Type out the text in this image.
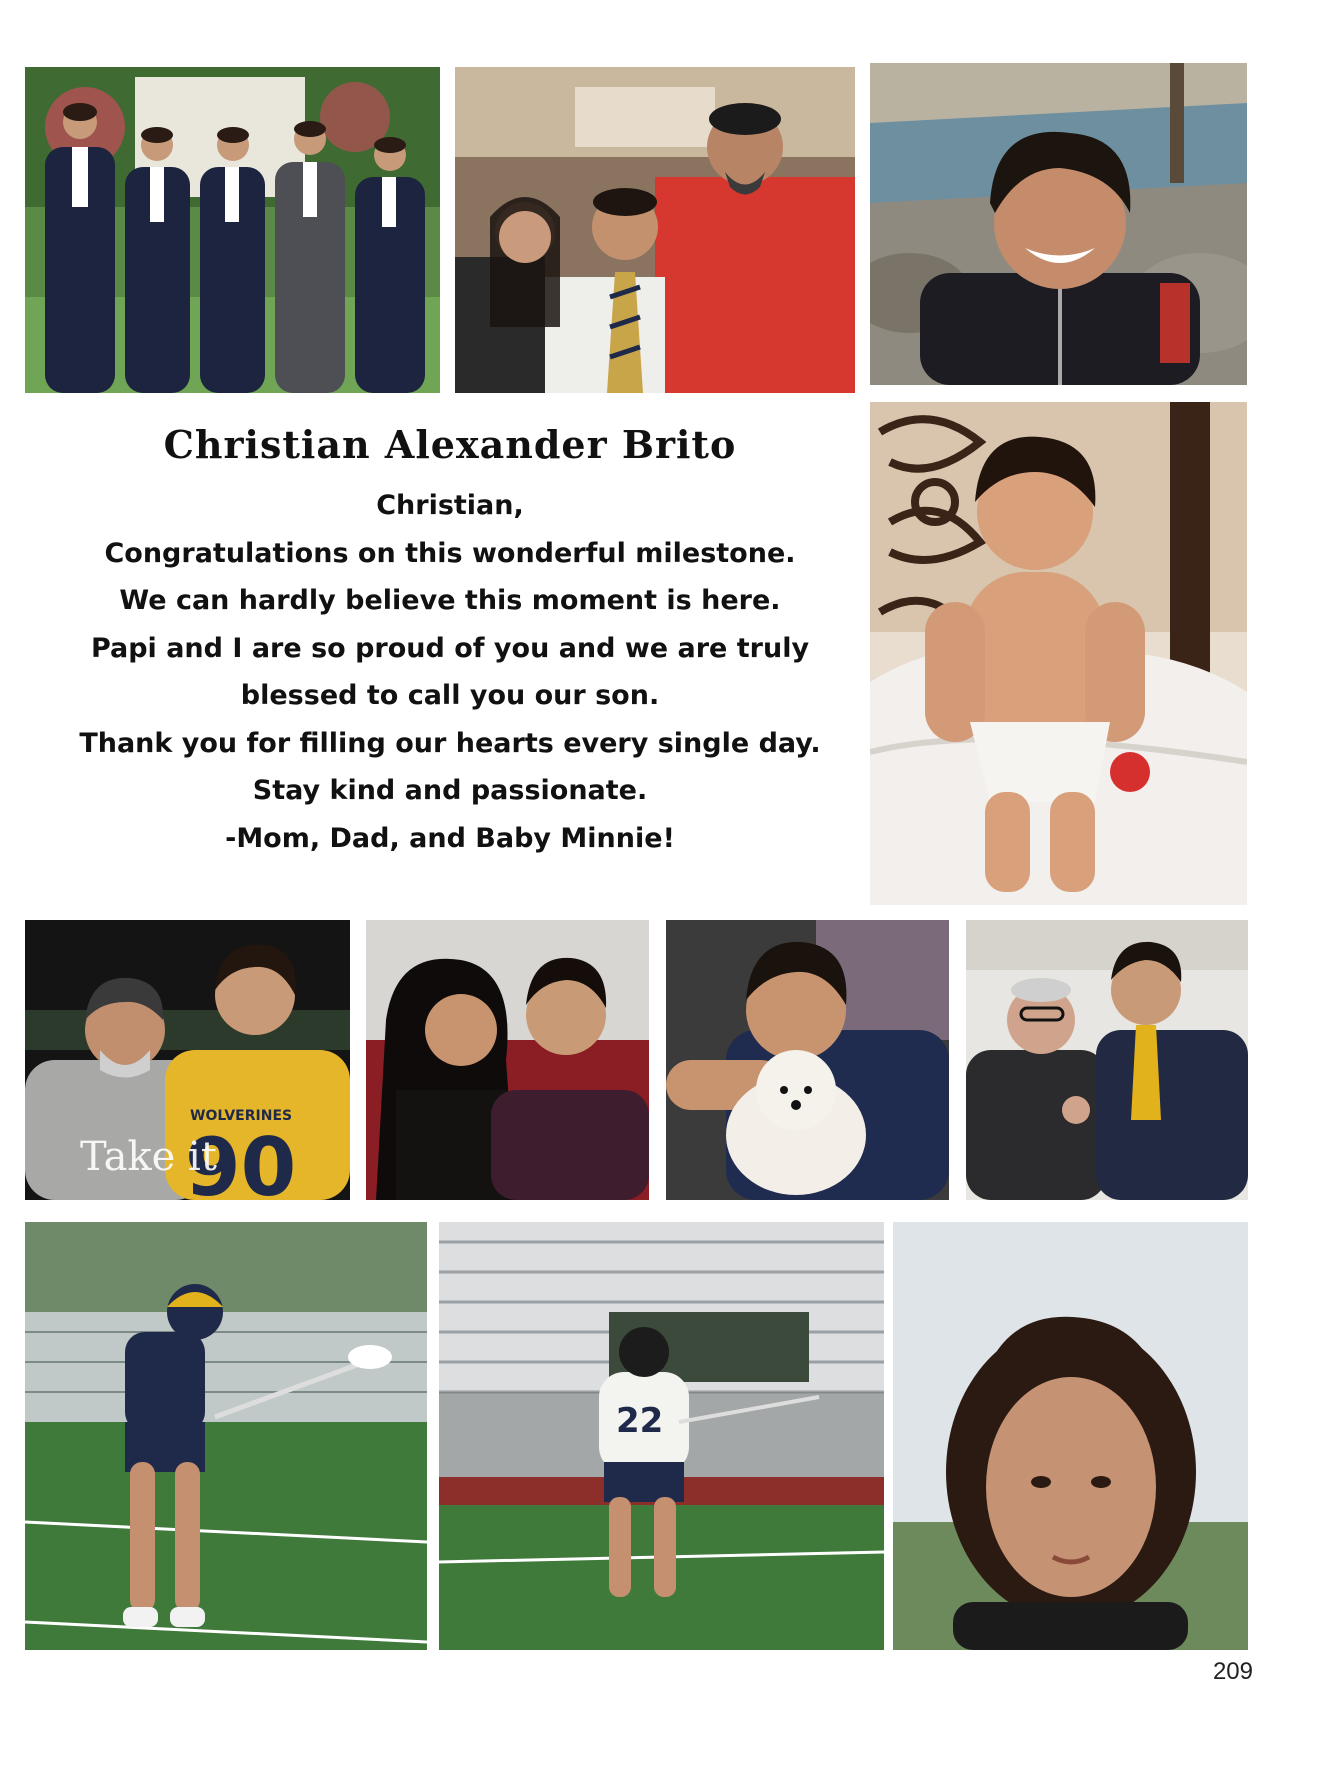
Christian Alexander Brito

Christian,

Congratulations on this wonderful milestone.

We can hardly believe this moment is here.

Papi and I are so proud of you and we are truly

blessed to call you our son.

Thank you for filling our hearts every single day.

Stay kind and passionate.

-Mom, Dad, and Baby Minnie!

WOLVERINES
90
Take it
22
209
